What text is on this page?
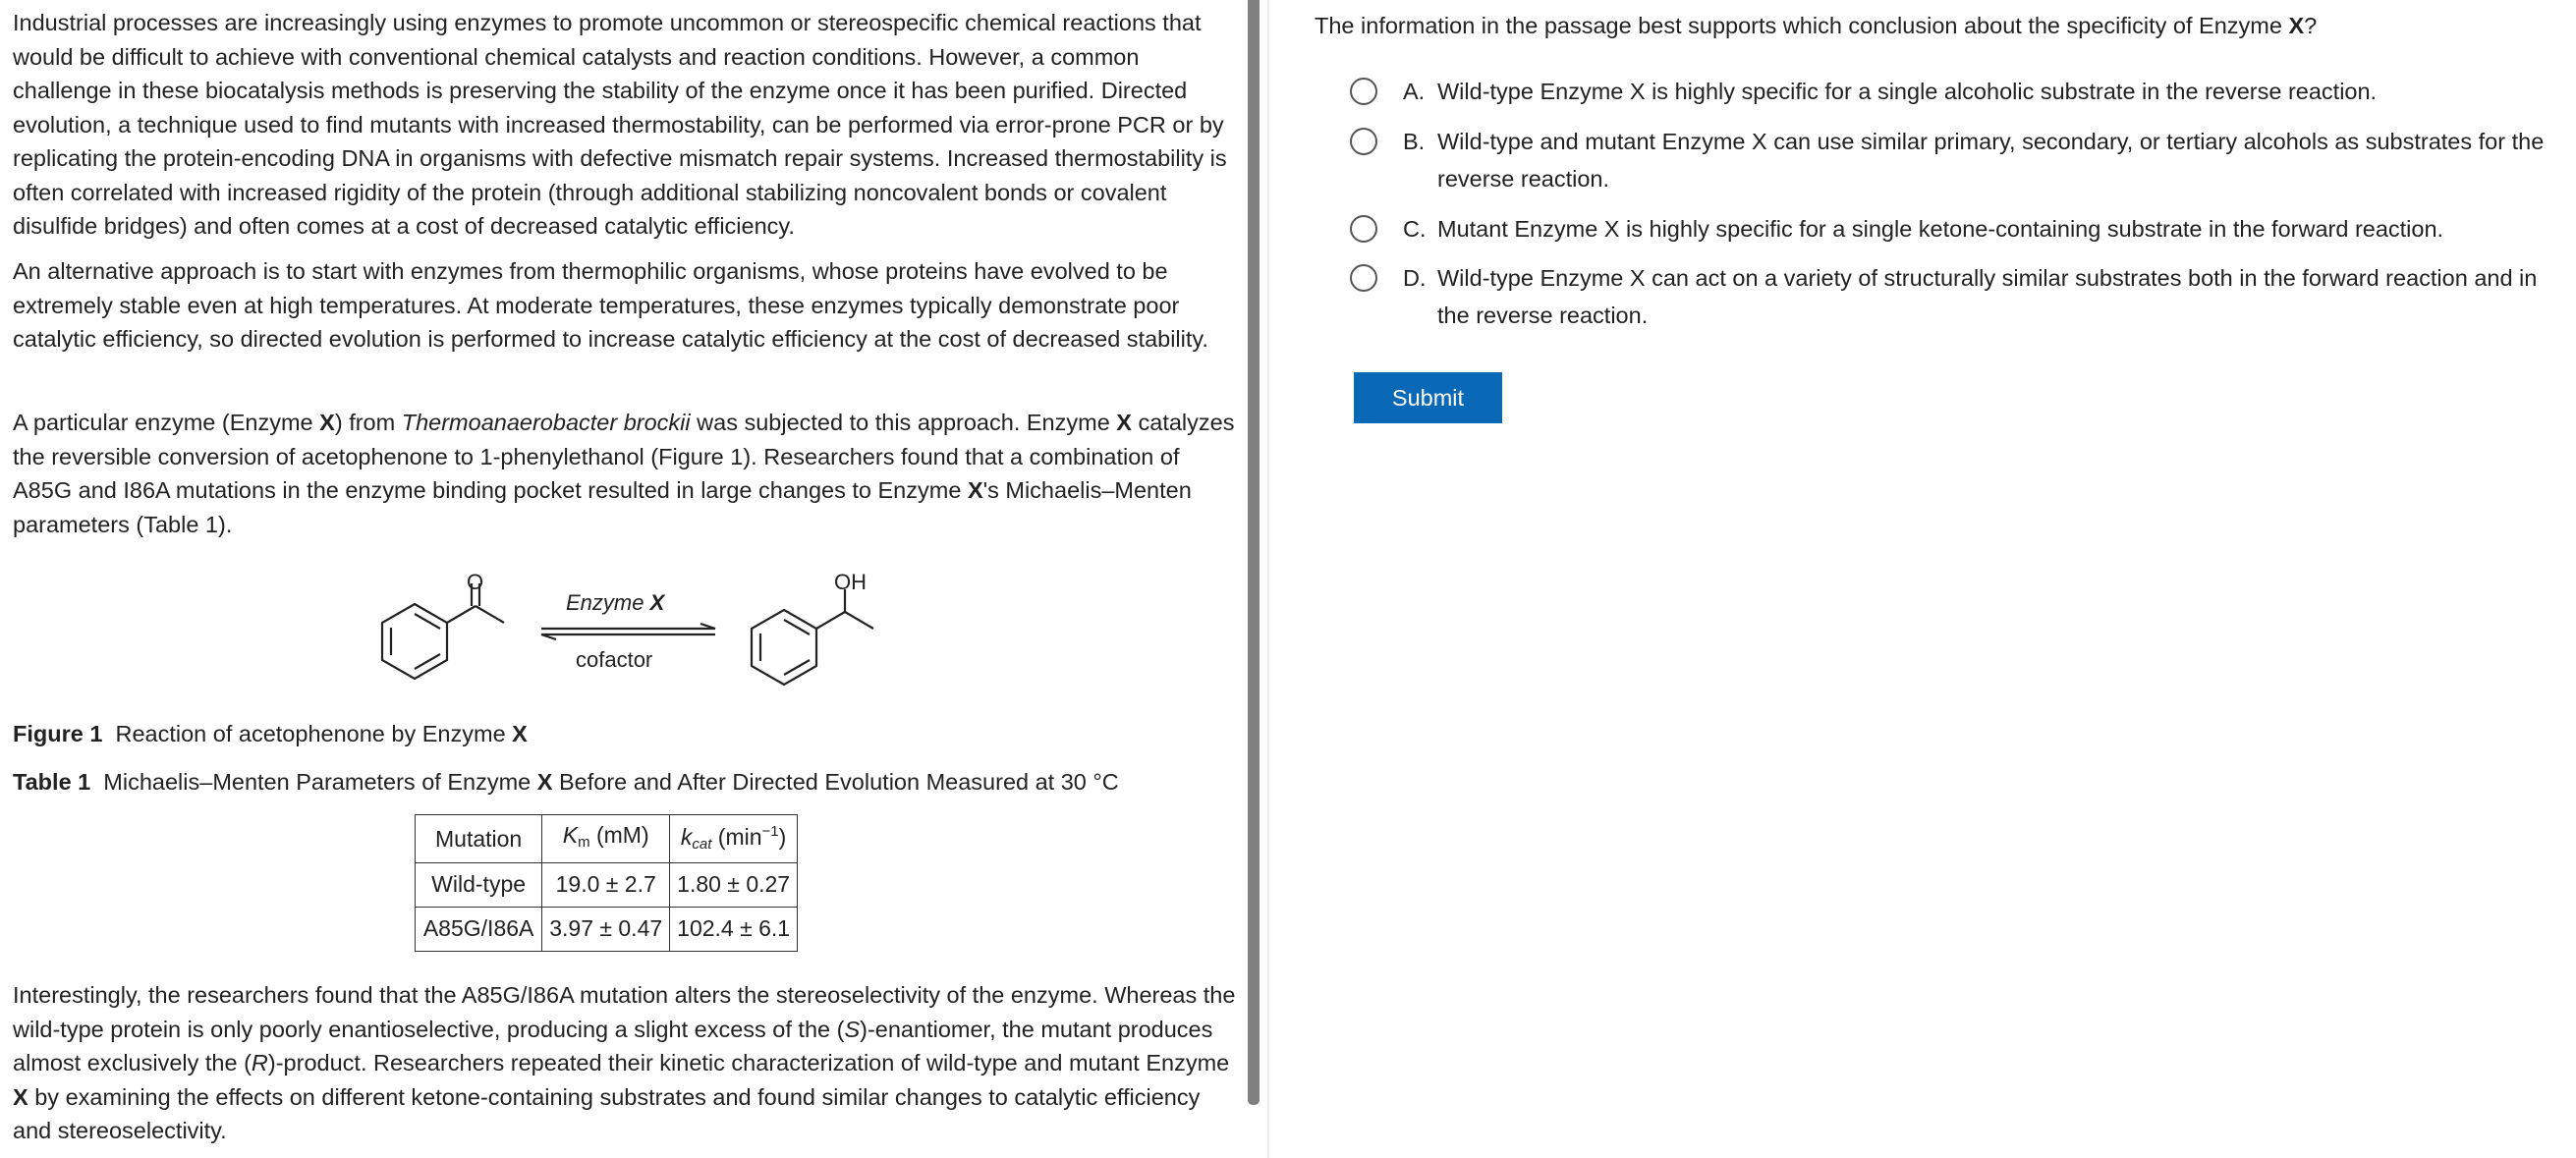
Industrial processes are increasingly using enzymes to promote uncommon or stereospecific chemical reactions that would be difficult to achieve with conventional chemical catalysts and reaction conditions. However, a common challenge in these biocatalysis methods is preserving the stability of the enzyme once it has been purified. Directed evolution, a technique used to find mutants with increased thermostability, can be performed via error-prone PCR or by replicating the protein-encoding DNA in organisms with defective mismatch repair systems. Increased thermostability is often correlated with increased rigidity of the protein (through additional stabilizing noncovalent bonds or covalent disulfide bridges) and often comes at a cost of decreased catalytic efficiency.

An alternative approach is to start with enzymes from thermophilic organisms, whose proteins have evolved to be extremely stable even at high temperatures. At moderate temperatures, these enzymes typically demonstrate poor catalytic efficiency, so directed evolution is performed to increase catalytic efficiency at the cost of decreased stability.

A particular enzyme (Enzyme X) from Thermoanaerobacter brockii was subjected to this approach. Enzyme X catalyzes the reversible conversion of acetophenone to 1-phenylethanol (Figure 1). Researchers found that a combination of A85G and I86A mutations in the enzyme binding pocket resulted in large changes to Enzyme X's Michaelis–Menten parameters (Table 1).

O	OH
Enzyme X
cofactor
Figure 1 Reaction of acetophenone by Enzyme X
Table 1 Michaelis–Menten Parameters of Enzyme X Before and After Directed Evolution Measured at 30 °C
Mutation	$K_m$ (mM)	$k_{cat}$ $(\min^{-1})$
Wild-type	19.0 ± 2.7	1.80 ± 0.27
A85G/I86A	3.97 ± 0.47	102.4 ± 6.1

Interestingly, the researchers found that the A85G/I86A mutation alters the stereoselectivity of the enzyme. Whereas the wild-type protein is only poorly enantioselective, producing a slight excess of the (S)-enantiomer, the mutant produces almost exclusively the (R)-product. Researchers repeated their kinetic characterization of wild-type and mutant Enzyme X by examining the effects on different ketone-containing substrates and found similar changes to catalytic efficiency and stereoselectivity.

The information in the passage best supports which conclusion about the specificity of Enzyme X?
A. Wild-type Enzyme X is highly specific for a single alcoholic substrate in the reverse reaction.
B. Wild-type and mutant Enzyme X can use similar primary, secondary, or tertiary alcohols as substrates for the
reverse reaction.
C. Mutant Enzyme X is highly specific for a single ketone-containing substrate in the forward reaction.
D. Wild-type Enzyme X can act on a variety of structurally similar substrates both in the forward reaction and in
the reverse reaction.
Submit
